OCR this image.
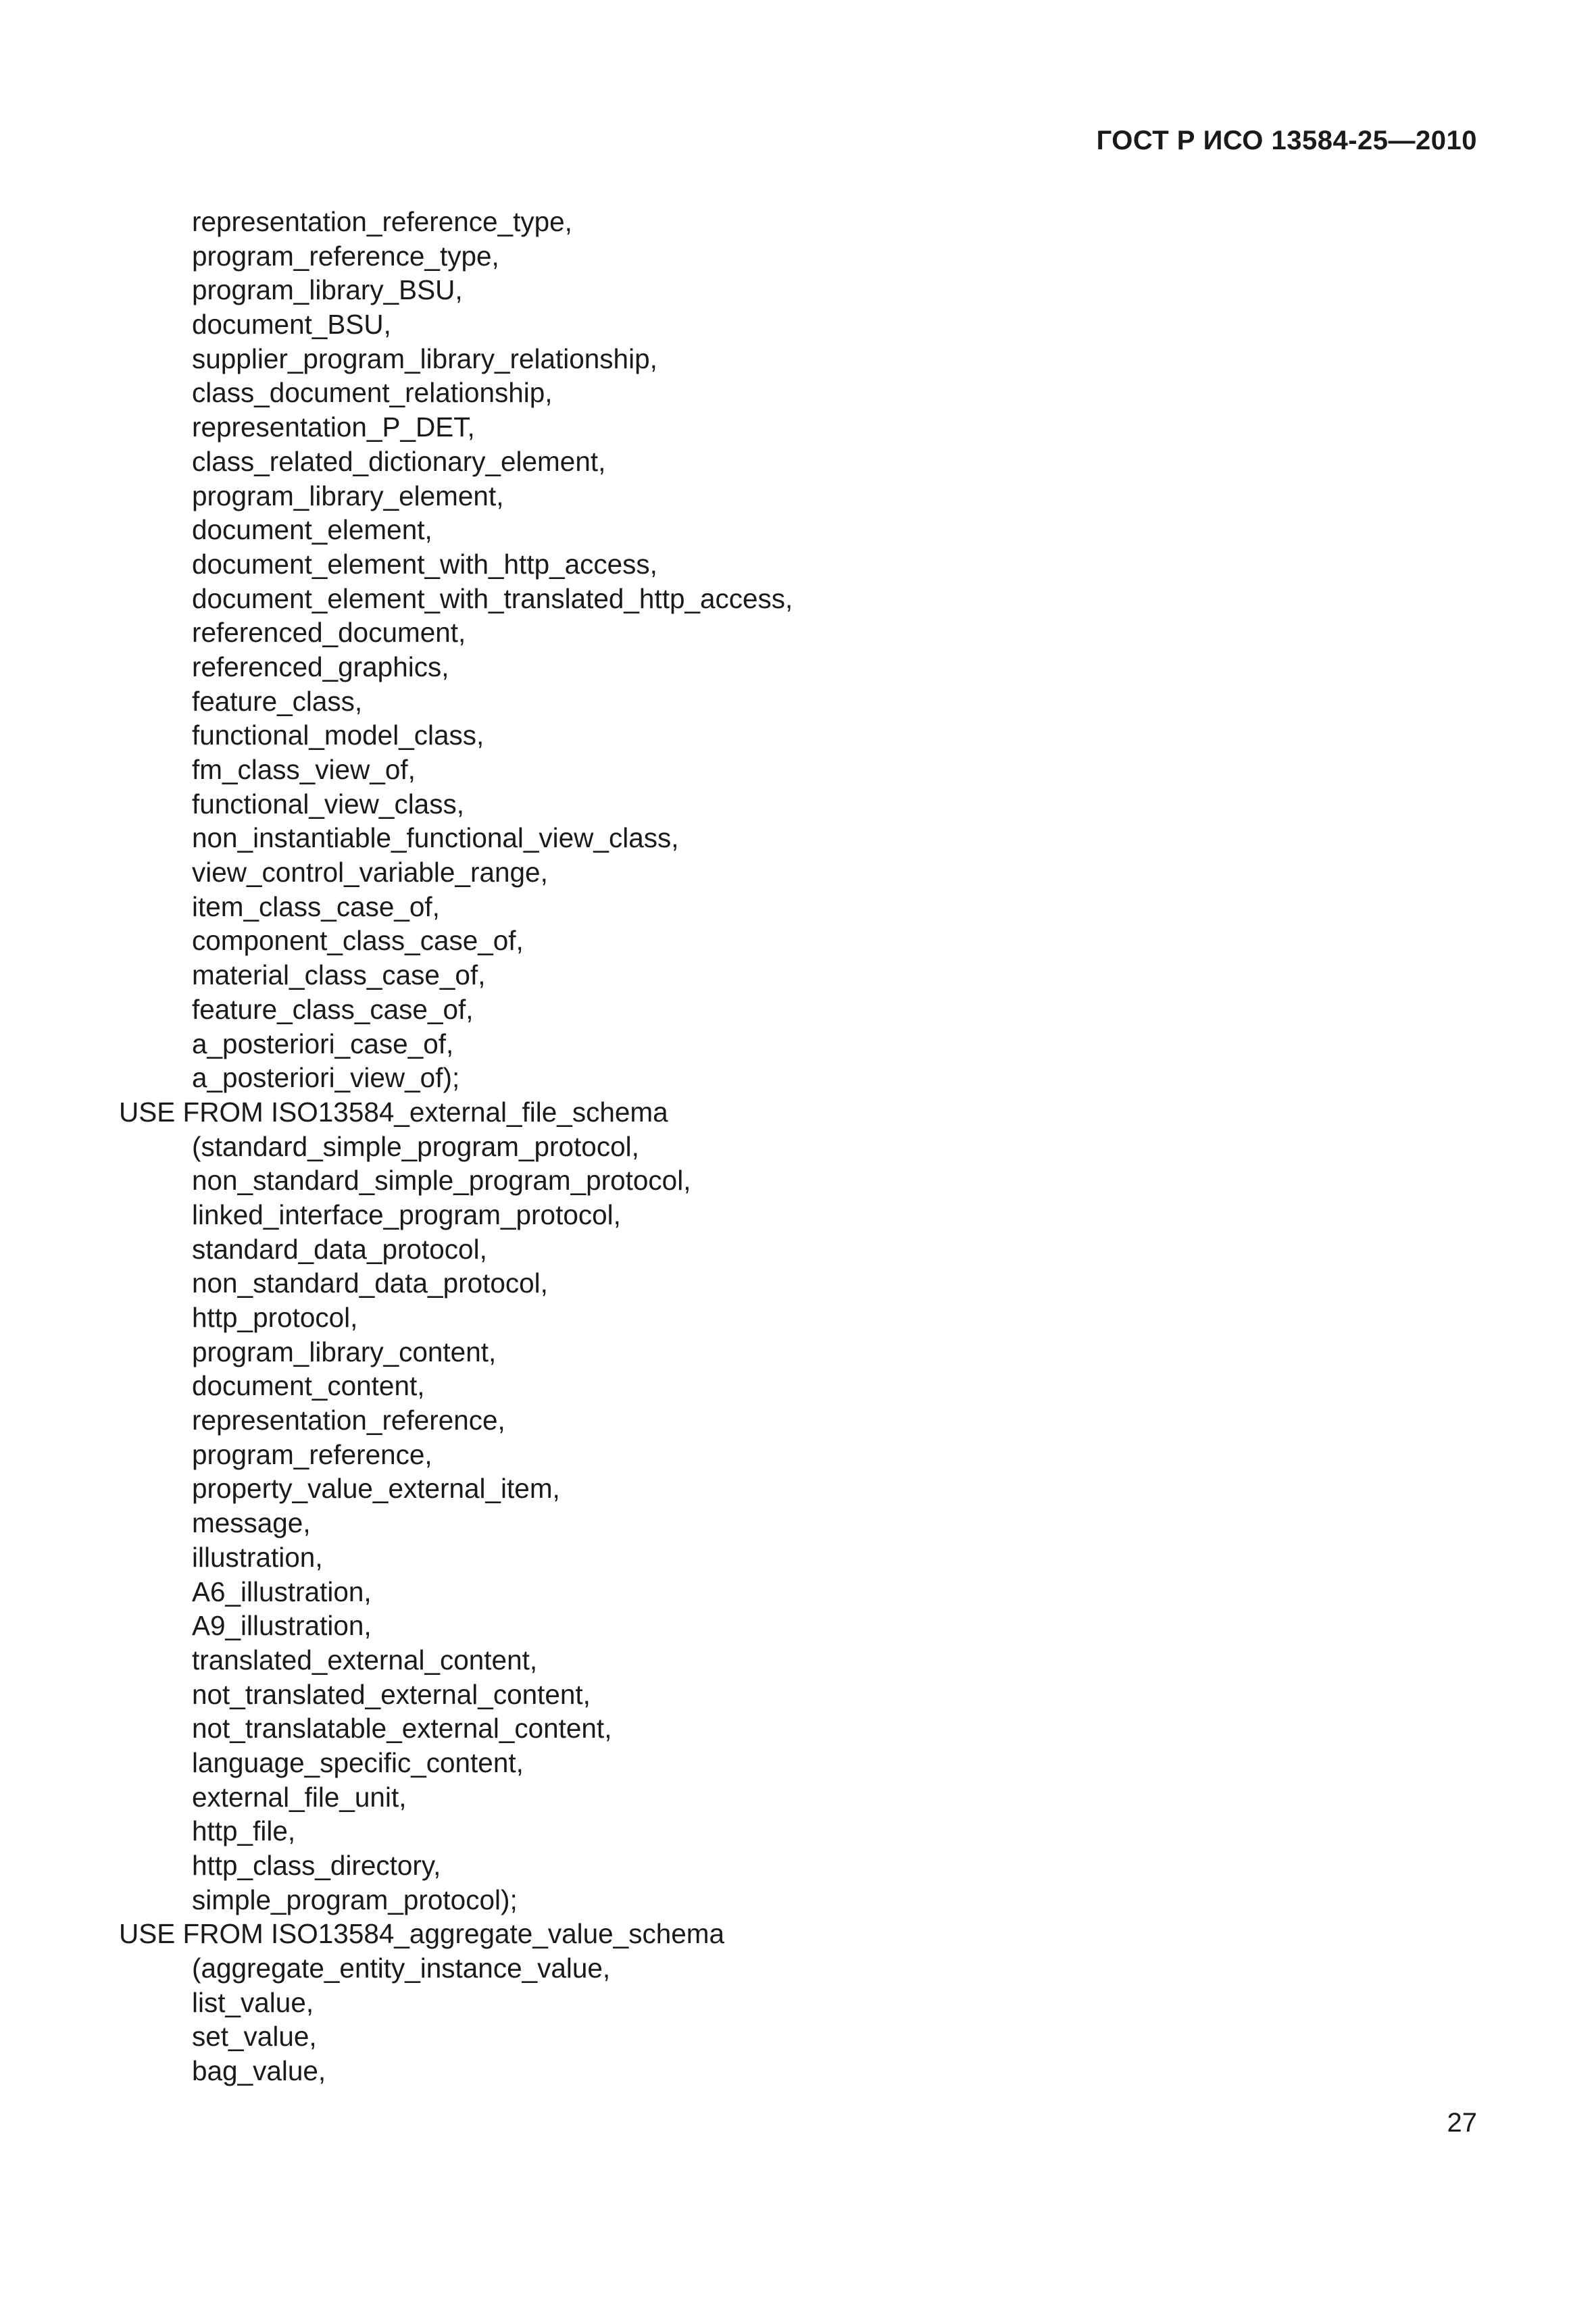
ГОСТ Р ИСО 13584-25—2010
representation_reference_type,
program_reference_type,
program_library_BSU,
document_BSU,
supplier_program_library_relationship,
class_document_relationship,
representation_P_DET,
class_related_dictionary_element,
program_library_element,
document_element,
document_element_with_http_access,
document_element_with_translated_http_access,
referenced_document,
referenced_graphics,
feature_class,
functional_model_class,
fm_class_view_of,
functional_view_class,
non_instantiable_functional_view_class,
view_control_variable_range,
item_class_case_of,
component_class_case_of,
material_class_case_of,
feature_class_case_of,
a_posteriori_case_of,
a_posteriori_view_of);
USE FROM ISO13584_external_file_schema
(standard_simple_program_protocol,
non_standard_simple_program_protocol,
linked_interface_program_protocol,
standard_data_protocol,
non_standard_data_protocol,
http_protocol,
program_library_content,
document_content,
representation_reference,
program_reference,
property_value_external_item,
message,
illustration,
A6_illustration,
A9_illustration,
translated_external_content,
not_translated_external_content,
not_translatable_external_content,
language_specific_content,
external_file_unit,
http_file,
http_class_directory,
simple_program_protocol);
USE FROM ISO13584_aggregate_value_schema
(aggregate_entity_instance_value,
list_value,
set_value,
bag_value,
27
